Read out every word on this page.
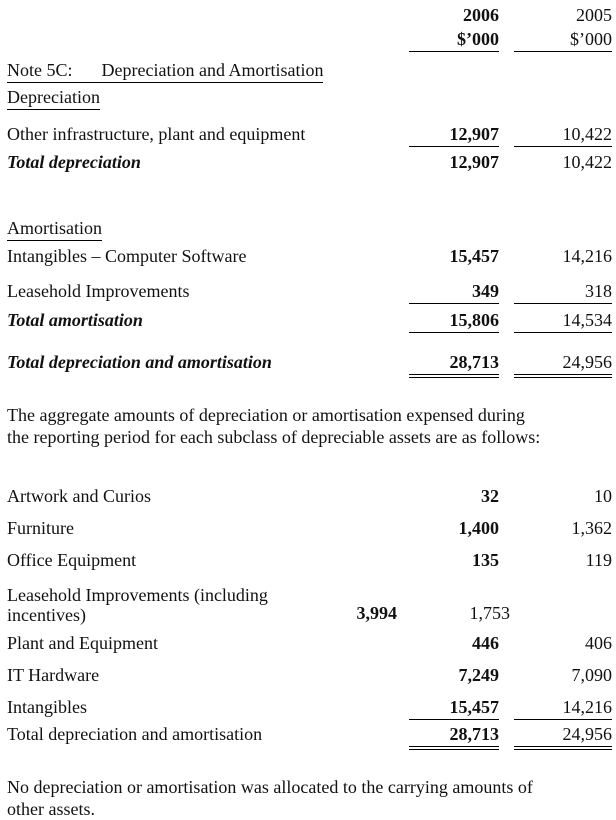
2006	2005
$’000	$’000
Note 5C: Depreciation and Amortisation
Depreciation
Other infrastructure, plant and equipment	12,907	10,422
Total depreciation	12,907	10,422
Amortisation
Intangibles – Computer Software	15,457	14,216
Leasehold Improvements	349	318
Total amortisation	15,806	14,534
Total depreciation and amortisation	28,713	24,956
The aggregate amounts of depreciation or amortisation expensed during
the reporting period for each subclass of depreciable assets are as follows:
Artwork and Curios	32	10
Furniture	1,400	1,362
Office Equipment	135	119
Leasehold Improvements (including incentives)	3,994	1,753
Plant and Equipment	446	406
IT Hardware	7,249	7,090
Intangibles	15,457	14,216
Total depreciation and amortisation	28,713	24,956
No depreciation or amortisation was allocated to the carrying amounts of
other assets.
